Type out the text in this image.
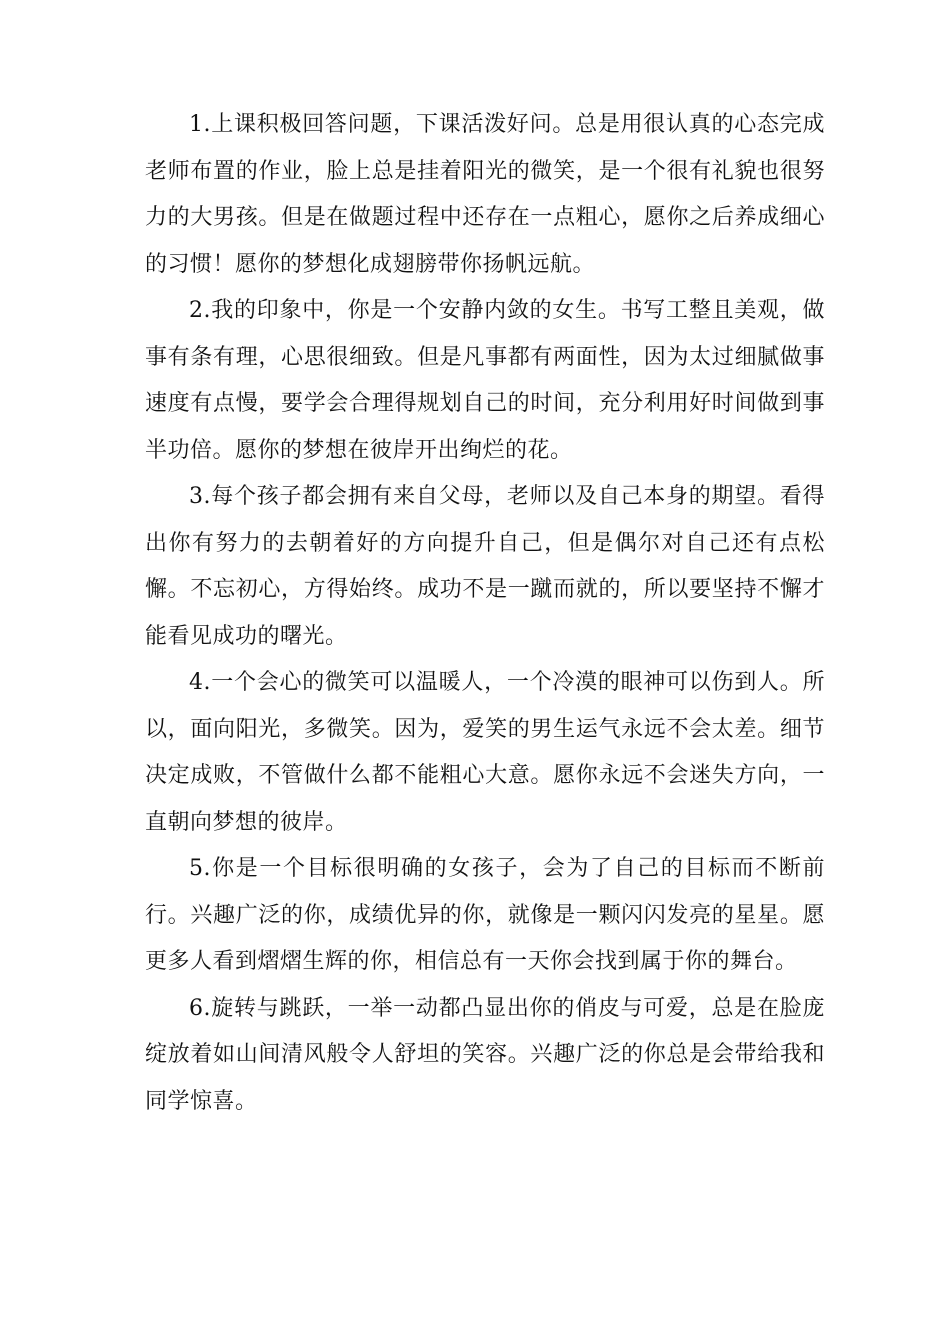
1.上课积极回答问题，下课活泼好问。总是用很认真的心态完成老师布置的作业，脸上总是挂着阳光的微笑，是一个很有礼貌也很努力的大男孩。但是在做题过程中还存在一点粗心，愿你之后养成细心的习惯！愿你的梦想化成翅膀带你扬帆远航。

2.我的印象中，你是一个安静内敛的女生。书写工整且美观，做事有条有理，心思很细致。但是凡事都有两面性，因为太过细腻做事速度有点慢，要学会合理得规划自己的时间，充分利用好时间做到事半功倍。愿你的梦想在彼岸开出绚烂的花。

3.每个孩子都会拥有来自父母，老师以及自己本身的期望。看得出你有努力的去朝着好的方向提升自己，但是偶尔对自己还有点松懈。不忘初心，方得始终。成功不是一蹴而就的，所以要坚持不懈才能看见成功的曙光。

4.一个会心的微笑可以温暖人，一个冷漠的眼神可以伤到人。所以，面向阳光，多微笑。因为，爱笑的男生运气永远不会太差。细节决定成败，不管做什么都不能粗心大意。愿你永远不会迷失方向，一直朝向梦想的彼岸。

5.你是一个目标很明确的女孩子，会为了自己的目标而不断前行。兴趣广泛的你，成绩优异的你，就像是一颗闪闪发亮的星星。愿更多人看到熠熠生辉的你，相信总有一天你会找到属于你的舞台。

6.旋转与跳跃，一举一动都凸显出你的俏皮与可爱，总是在脸庞绽放着如山间清风般令人舒坦的笑容。兴趣广泛的你总是会带给我和同学惊喜。
